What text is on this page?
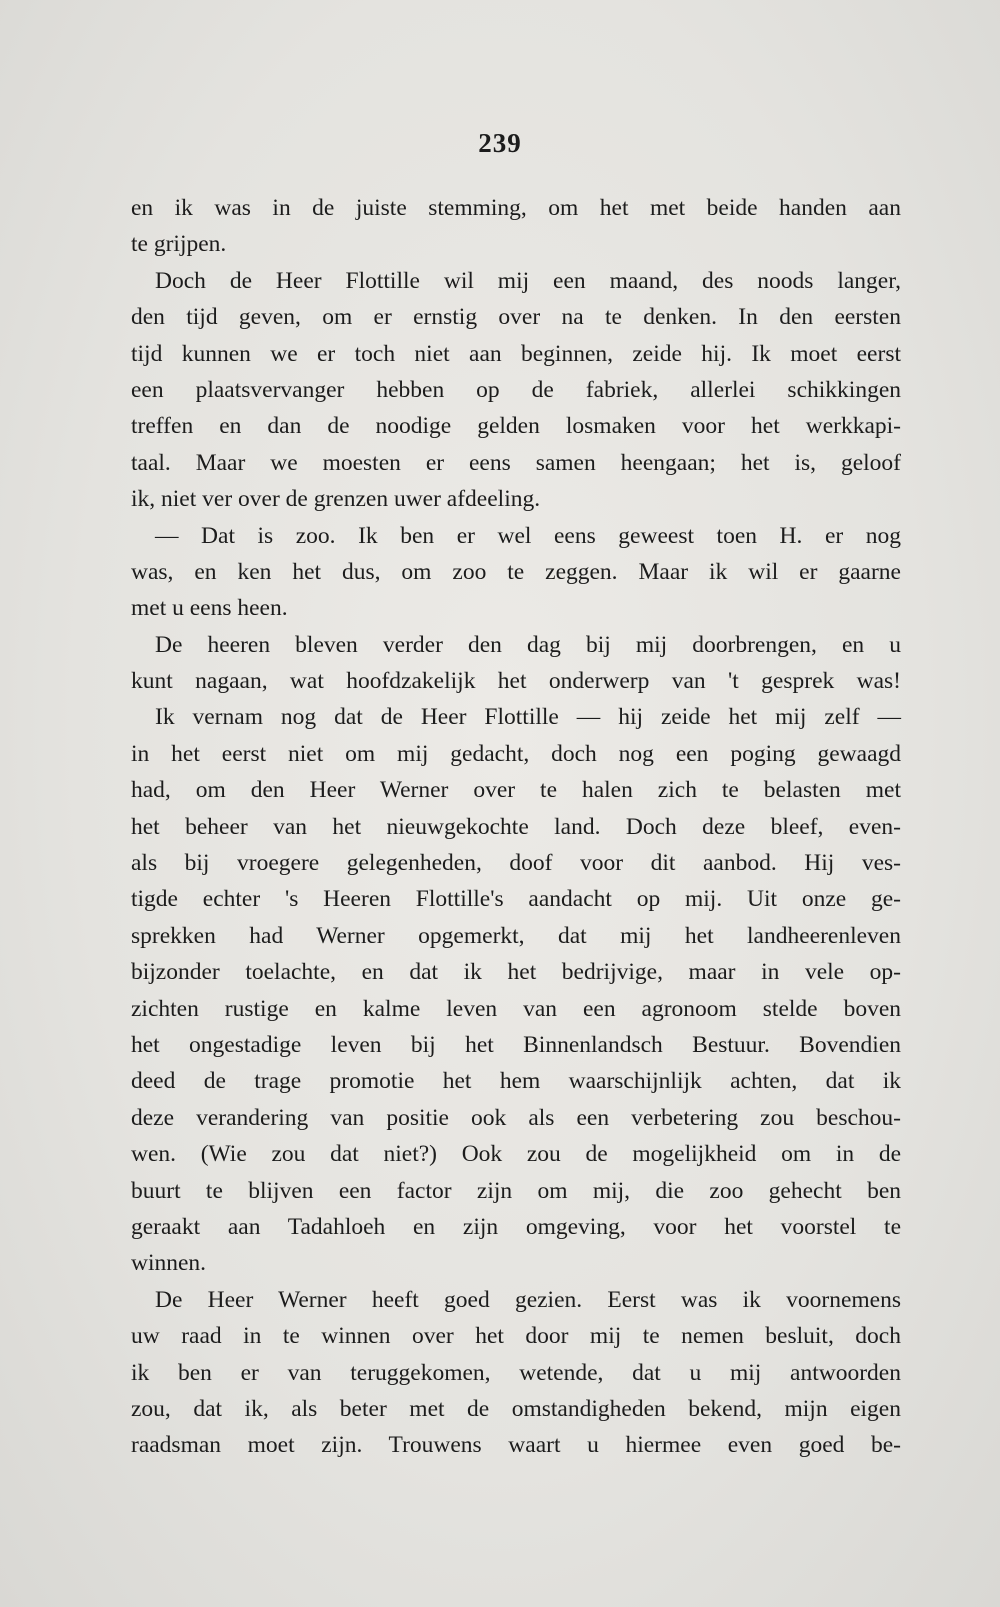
239
en ik was in de juiste stemming, om het met beide handen aan
te grijpen.
Doch de Heer Flottille wil mij een maand, des noods langer,
den tijd geven, om er ernstig over na te denken. In den eersten
tijd kunnen we er toch niet aan beginnen, zeide hij. Ik moet eerst
een plaatsvervanger hebben op de fabriek, allerlei schikkingen
treffen en dan de noodige gelden losmaken voor het werkkapi-
taal. Maar we moesten er eens samen heengaan; het is, geloof
ik, niet ver over de grenzen uwer afdeeling.
— Dat is zoo. Ik ben er wel eens geweest toen H. er nog
was, en ken het dus, om zoo te zeggen. Maar ik wil er gaarne
met u eens heen.
De heeren bleven verder den dag bij mij doorbrengen, en u
kunt nagaan, wat hoofdzakelijk het onderwerp van 't gesprek was!
Ik vernam nog dat de Heer Flottille — hij zeide het mij zelf —
in het eerst niet om mij gedacht, doch nog een poging gewaagd
had, om den Heer Werner over te halen zich te belasten met
het beheer van het nieuwgekochte land. Doch deze bleef, even-
als bij vroegere gelegenheden, doof voor dit aanbod. Hij ves-
tigde echter 's Heeren Flottille's aandacht op mij. Uit onze ge-
sprekken had Werner opgemerkt, dat mij het landheerenleven
bijzonder toelachte, en dat ik het bedrijvige, maar in vele op-
zichten rustige en kalme leven van een agronoom stelde boven
het ongestadige leven bij het Binnenlandsch Bestuur. Bovendien
deed de trage promotie het hem waarschijnlijk achten, dat ik
deze verandering van positie ook als een verbetering zou beschou-
wen. (Wie zou dat niet?) Ook zou de mogelijkheid om in de
buurt te blijven een factor zijn om mij, die zoo gehecht ben
geraakt aan Tadahloeh en zijn omgeving, voor het voorstel te
winnen.
De Heer Werner heeft goed gezien. Eerst was ik voornemens
uw raad in te winnen over het door mij te nemen besluit, doch
ik ben er van teruggekomen, wetende, dat u mij antwoorden
zou, dat ik, als beter met de omstandigheden bekend, mijn eigen
raadsman moet zijn. Trouwens waart u hiermee even goed be-
